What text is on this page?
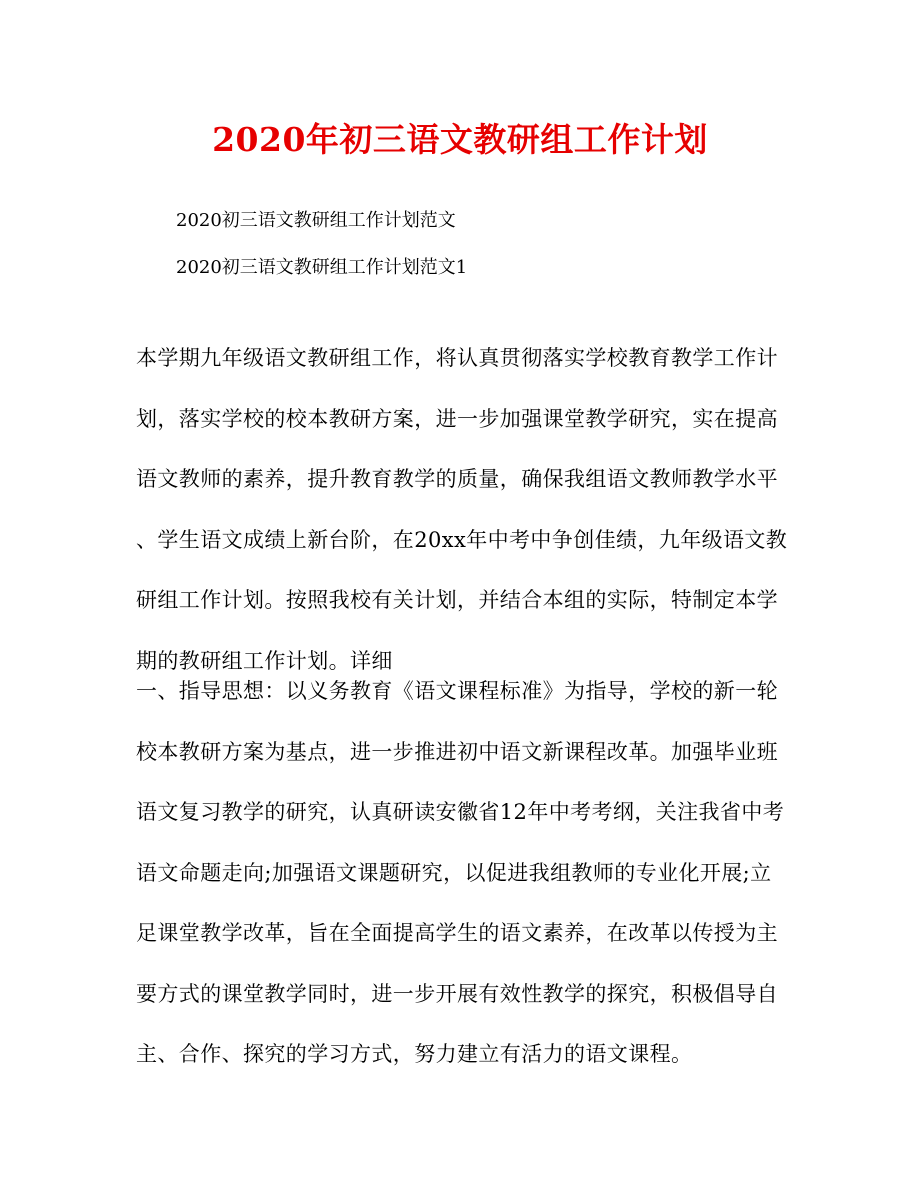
2020年初三语文教研组工作计划

2020初三语文教研组工作计划范文

2020初三语文教研组工作计划范文1

本学期九年级语文教研组工作，将认真贯彻落实学校教育教学工作计
划，落实学校的校本教研方案，进一步加强课堂教学研究，实在提高
语文教师的素养，提升教育教学的质量，确保我组语文教师教学水平
、学生语文成绩上新台阶，在20xx年中考中争创佳绩，九年级语文教
研组工作计划。按照我校有关计划，并结合本组的实际，特制定本学
期的教研组工作计划。详细
一、指导思想：以义务教育《语文课程标准》为指导，学校的新一轮
校本教研方案为基点，进一步推进初中语文新课程改革。加强毕业班
语文复习教学的研究，认真研读安徽省12年中考考纲，关注我省中考
语文命题走向;加强语文课题研究，以促进我组教师的专业化开展;立
足课堂教学改革，旨在全面提高学生的语文素养，在改革以传授为主
要方式的课堂教学同时，进一步开展有效性教学的探究，积极倡导自
主、合作、探究的学习方式，努力建立有活力的语文课程。
